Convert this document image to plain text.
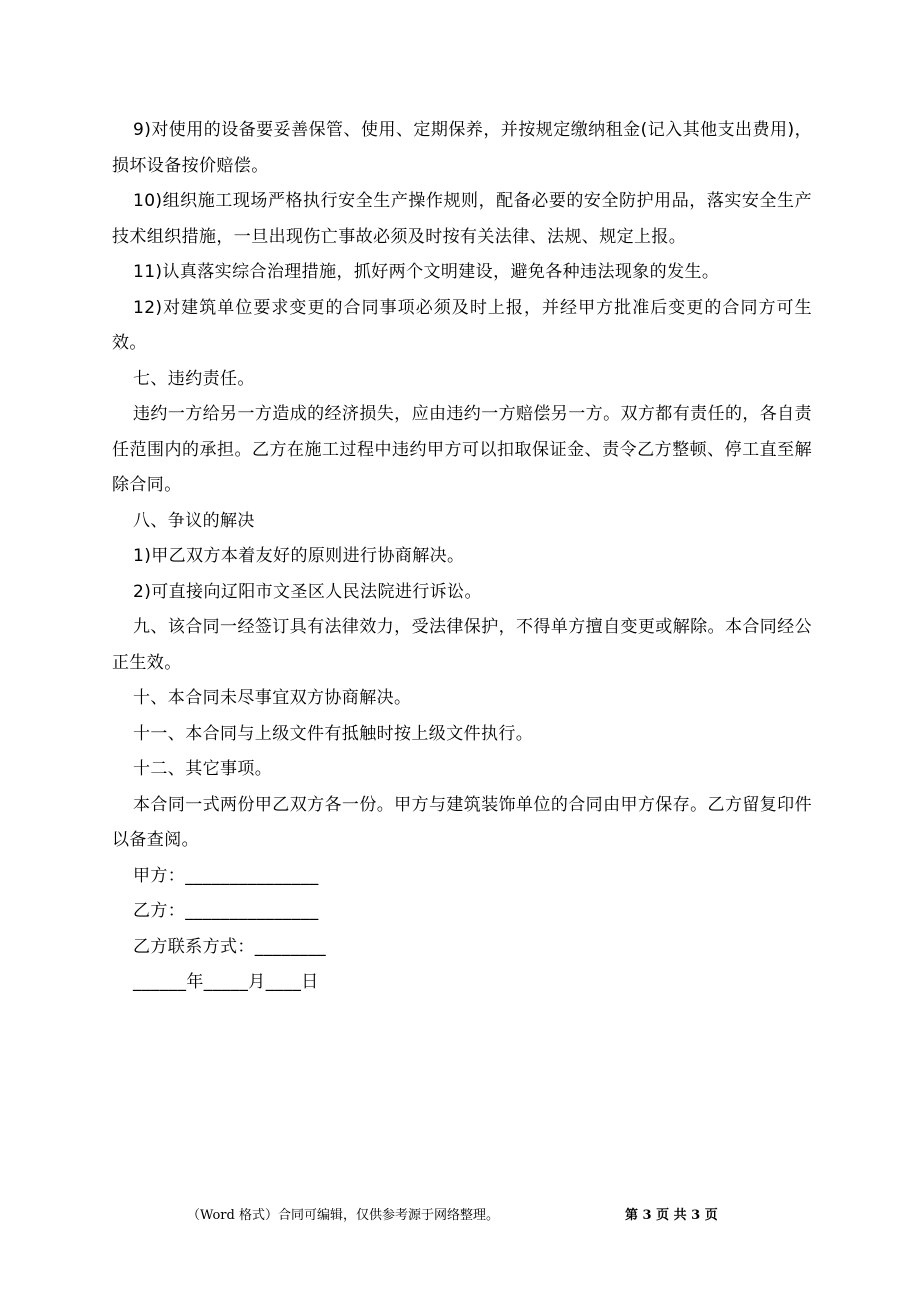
9)对使用的设备要妥善保管、使用、定期保养，并按规定缴纳租金(记入其他支出费用)，损坏设备按价赔偿。

10)组织施工现场严格执行安全生产操作规则，配备必要的安全防护用品，落实安全生产技术组织措施，一旦出现伤亡事故必须及时按有关法律、法规、规定上报。

11)认真落实综合治理措施，抓好两个文明建设，避免各种违法现象的发生。

12)对建筑单位要求变更的合同事项必须及时上报，并经甲方批准后变更的合同方可生效。

七、违约责任。

违约一方给另一方造成的经济损失，应由违约一方赔偿另一方。双方都有责任的，各自责任范围内的承担。乙方在施工过程中违约甲方可以扣取保证金、责令乙方整顿、停工直至解除合同。

八、争议的解决

1)甲乙双方本着友好的原则进行协商解决。

2)可直接向辽阳市文圣区人民法院进行诉讼。

九、该合同一经签订具有法律效力，受法律保护，不得单方擅自变更或解除。本合同经公正生效。

十、本合同未尽事宜双方协商解决。

十一、本合同与上级文件有抵触时按上级文件执行。

十二、其它事项。

本合同一式两份甲乙双方各一份。甲方与建筑装饰单位的合同由甲方保存。乙方留复印件以备查阅。

甲方：_______________

乙方：_______________

乙方联系方式：________

______年_____月____日

（Word 格式）合同可编辑，仅供参考源于网络整理。	第 3 页 共 3 页
